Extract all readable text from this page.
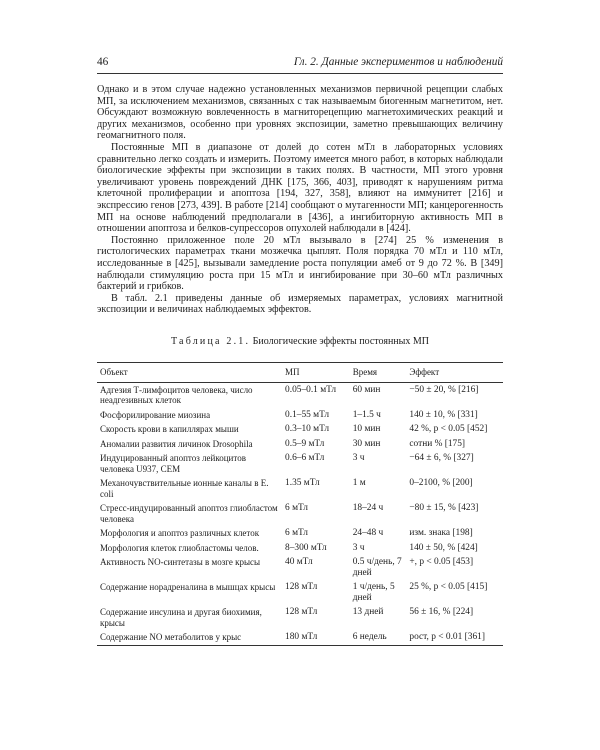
46	Гл. 2. Данные экспериментов и наблюдений

Однако и в этом случае надежно установленных механизмов первичной рецепции слабых МП, за исключением механизмов, связанных с так называемым биогенным магнетитом, нет. Обсуждают возможную вовлеченность в магниторецепцию магнетохимических реакций и других механизмов, особенно при уровнях экспозиции, заметно превышающих величину геомагнитного поля.

Постоянные МП в диапазоне от долей до сотен мТл в лабораторных условиях сравнительно легко создать и измерить. Поэтому имеется много работ, в которых наблюдали биологические эффекты при экспозиции в таких полях. В частности, МП этого уровня увеличивают уровень повреждений ДНК [175, 366, 403], приводят к нарушениям ритма клеточной пролиферации и апоптоза [194, 327, 358], влияют на иммунитет [216] и экспрессию генов [273, 439]. В работе [214] сообщают о мутагенности МП; канцерогенность МП на основе наблюдений предполагали в [436], а ингибиторную активность МП в отношении апоптоза и белков-супрессоров опухолей наблюдали в [424].

Постоянно приложенное поле 20 мТл вызывало в [274] 25 % изменения в гистологических параметрах ткани мозжечка цыплят. Поля порядка 70 мТл и 110 мТл, исследованные в [425], вызывали замедление роста популяции амеб от 9 до 72 %. В [349] наблюдали стимуляцию роста при 15 мТл и ингибирование при 30–60 мТл различных бактерий и грибков.

В табл. 2.1 приведены данные об измеряемых параметрах, условиях магнитной экспозиции и величинах наблюдаемых эффектов.

Таблица 2.1. Биологические эффекты постоянных МП
Объект	МП	Время	Эффект
Адгезия Т-лимфоцитов человека, число неадгезивных клеток	0.05–0.1 мТл	60 мин	−50 ± 20, % [216]
Фосфорилирование миозина	0.1–55 мТл	1–1.5 ч	140 ± 10, % [331]
Скорость крови в капиллярах мыши	0.3–10 мТл	10 мин	42 %, p < 0.05 [452]
Аномалии развития личинок Drosophila	0.5–9 мТл	30 мин	сотни % [175]
Индуцированный апоптоз лейкоцитов человека U937, CEM	0.6–6 мТл	3 ч	−64 ± 6, % [327]
Механочувствительные ионные каналы в E. coli	1.35 мТл	1 м	0–2100, % [200]
Стресс-индуцированный апоптоз глиобластом человека	6 мТл	18–24 ч	−80 ± 15, % [423]
Морфология и апоптоз различных клеток	6 мТл	24–48 ч	изм. знака [198]
Морфология клеток глиобластомы челов.	8–300 мТл	3 ч	140 ± 50, % [424]
Активность NO-синтетазы в мозге крысы	40 мТл	0.5 ч/день, 7 дней	+, p < 0.05 [453]
Содержание норадреналина в мышцах крысы	128 мТл	1 ч/день, 5 дней	25 %, p < 0.05 [415]
Содержание инсулина и другая биохимия, крысы	128 мТл	13 дней	56 ± 16, % [224]
Содержание NO метаболитов у крыс	180 мТл	6 недель	рост, p < 0.01 [361]
